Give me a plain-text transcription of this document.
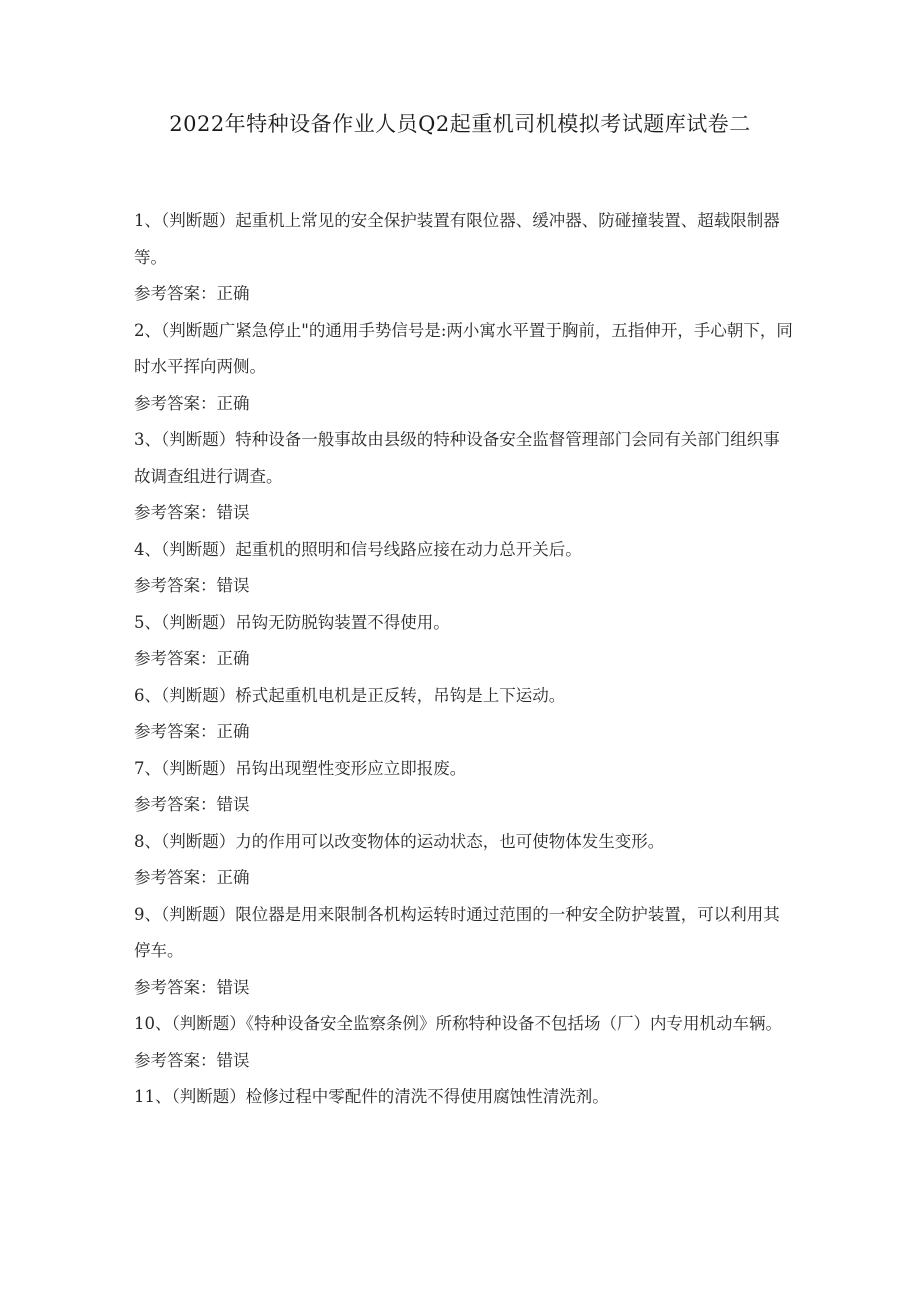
2022年特种设备作业人员Q2起重机司机模拟考试题库试卷二

1、（判断题）起重机上常见的安全保护装置有限位器、缓冲器、防碰撞装置、超载限制器等。

参考答案：正确

2、（判断题广紧急停止"的通用手势信号是:两小寓水平置于胸前，五指伸开，手心朝下，同时水平挥向两侧。

参考答案：正确

3、（判断题）特种设备一般事故由县级的特种设备安全监督管理部门会同有关部门组织事故调查组进行调查。

参考答案：错误

4、（判断题）起重机的照明和信号线路应接在动力总开关后。

参考答案：错误

5、（判断题）吊钩无防脱钩装置不得使用。

参考答案：正确

6、（判断题）桥式起重机电机是正反转，吊钩是上下运动。

参考答案：正确

7、（判断题）吊钩出现塑性变形应立即报废。

参考答案：错误

8、（判断题）力的作用可以改变物体的运动状态，也可使物体发生变形。

参考答案：正确

9、（判断题）限位器是用来限制各机构运转时通过范围的一种安全防护装置，可以利用其停车。

参考答案：错误

10、（判断题）《特种设备安全监察条例》所称特种设备不包括场（厂）内专用机动车辆。

参考答案：错误

11、（判断题）检修过程中零配件的清洗不得使用腐蚀性清洗剂。
